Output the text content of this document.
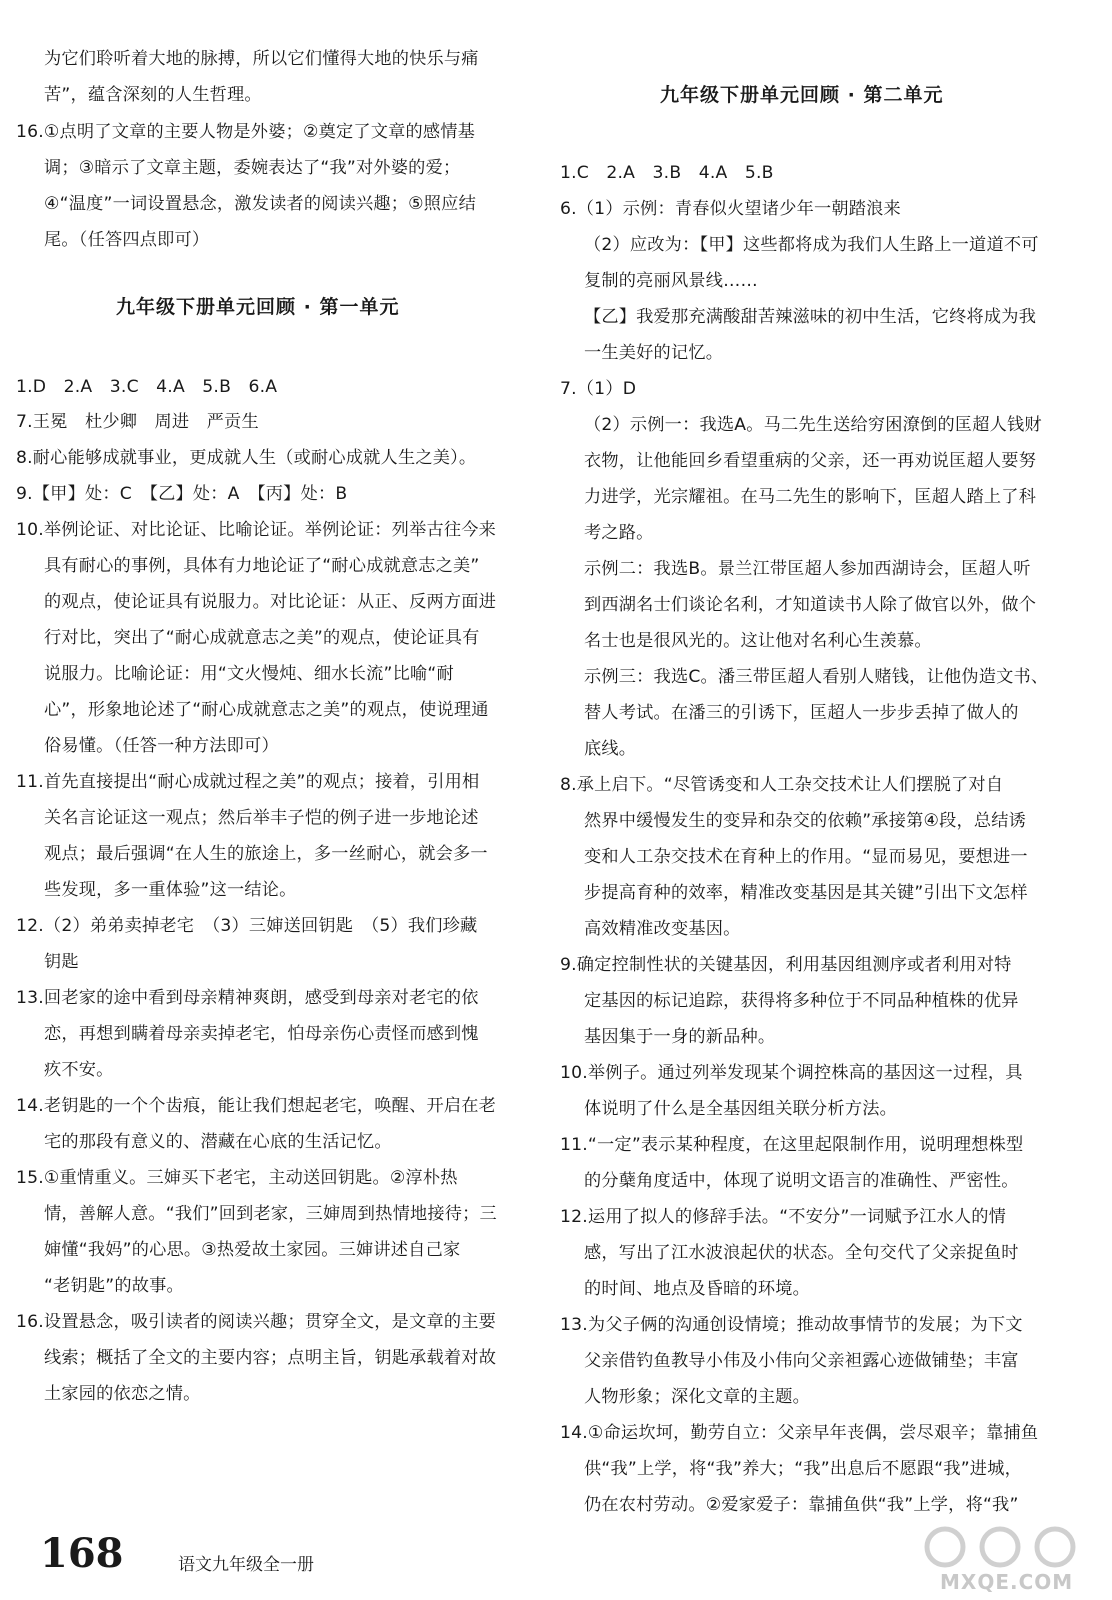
为它们聆听着大地的脉搏，所以它们懂得大地的快乐与痛
苦”，蕴含深刻的人生哲理。
16.①点明了文章的主要人物是外婆；②奠定了文章的感情基
调；③暗示了文章主题，委婉表达了“我”对外婆的爱；
④“温度”一词设置悬念，激发读者的阅读兴趣；⑤照应结
尾。（任答四点即可）
九年级下册单元回顾 · 第一单元
1.D　2.A　3.C　4.A　5.B　6.A
7.王冕　杜少卿　周进　严贡生
8.耐心能够成就事业，更成就人生（或耐心成就人生之美）。
9.【甲】处：C　【乙】处：A　【丙】处：B
10.举例论证、对比论证、比喻论证。举例论证：列举古往今来
具有耐心的事例，具体有力地论证了“耐心成就意志之美”
的观点，使论证具有说服力。对比论证：从正、反两方面进
行对比，突出了“耐心成就意志之美”的观点，使论证具有
说服力。比喻论证：用“文火慢炖、细水长流”比喻“耐
心”，形象地论述了“耐心成就意志之美”的观点，使说理通
俗易懂。（任答一种方法即可）
11.首先直接提出“耐心成就过程之美”的观点；接着，引用相
关名言论证这一观点；然后举丰子恺的例子进一步地论述
观点；最后强调“在人生的旅途上，多一丝耐心，就会多一
些发现，多一重体验”这一结论。
12.（2）弟弟卖掉老宅　（3）三婶送回钥匙　（5）我们珍藏
钥匙
13.回老家的途中看到母亲精神爽朗，感受到母亲对老宅的依
恋，再想到瞒着母亲卖掉老宅，怕母亲伤心责怪而感到愧
疚不安。
14.老钥匙的一个个齿痕，能让我们想起老宅，唤醒、开启在老
宅的那段有意义的、潜藏在心底的生活记忆。
15.①重情重义。三婶买下老宅，主动送回钥匙。②淳朴热
情，善解人意。“我们”回到老家，三婶周到热情地接待；三
婶懂“我妈”的心思。③热爱故土家园。三婶讲述自己家
“老钥匙”的故事。
16.设置悬念，吸引读者的阅读兴趣；贯穿全文，是文章的主要
线索；概括了全文的主要内容；点明主旨，钥匙承载着对故
土家园的依恋之情。
九年级下册单元回顾 · 第二单元
1.C　2.A　3.B　4.A　5.B
6.（1）示例：青春似火望诸少年一朝踏浪来
（2）应改为：【甲】这些都将成为我们人生路上一道道不可
复制的亮丽风景线……
【乙】我爱那充满酸甜苦辣滋味的初中生活，它终将成为我
一生美好的记忆。
7.（1）D
（2）示例一：我选A。马二先生送给穷困潦倒的匡超人钱财
衣物，让他能回乡看望重病的父亲，还一再劝说匡超人要努
力进学，光宗耀祖。在马二先生的影响下，匡超人踏上了科
考之路。
示例二：我选B。景兰江带匡超人参加西湖诗会，匡超人听
到西湖名士们谈论名利，才知道读书人除了做官以外，做个
名士也是很风光的。这让他对名利心生羡慕。
示例三：我选C。潘三带匡超人看别人赌钱，让他伪造文书、
替人考试。在潘三的引诱下，匡超人一步步丢掉了做人的
底线。
8.承上启下。“尽管诱变和人工杂交技术让人们摆脱了对自
然界中缓慢发生的变异和杂交的依赖”承接第④段，总结诱
变和人工杂交技术在育种上的作用。“显而易见，要想进一
步提高育种的效率，精准改变基因是其关键”引出下文怎样
高效精准改变基因。
9.确定控制性状的关键基因，利用基因组测序或者利用对特
定基因的标记追踪，获得将多种位于不同品种植株的优异
基因集于一身的新品种。
10.举例子。通过列举发现某个调控株高的基因这一过程，具
体说明了什么是全基因组关联分析方法。
11.“一定”表示某种程度，在这里起限制作用，说明理想株型
的分蘖角度适中，体现了说明文语言的准确性、严密性。
12.运用了拟人的修辞手法。“不安分”一词赋予江水人的情
感，写出了江水波浪起伏的状态。全句交代了父亲捉鱼时
的时间、地点及昏暗的环境。
13.为父子俩的沟通创设情境；推动故事情节的发展；为下文
父亲借钓鱼教导小伟及小伟向父亲袒露心迹做铺垫；丰富
人物形象；深化文章的主题。
14.①命运坎坷，勤劳自立：父亲早年丧偶，尝尽艰辛；靠捕鱼
供“我”上学，将“我”养大；“我”出息后不愿跟“我”进城，
仍在农村劳动。②爱家爱子：靠捕鱼供“我”上学，将“我”
168	语文九年级全一册
MXQE.COM
